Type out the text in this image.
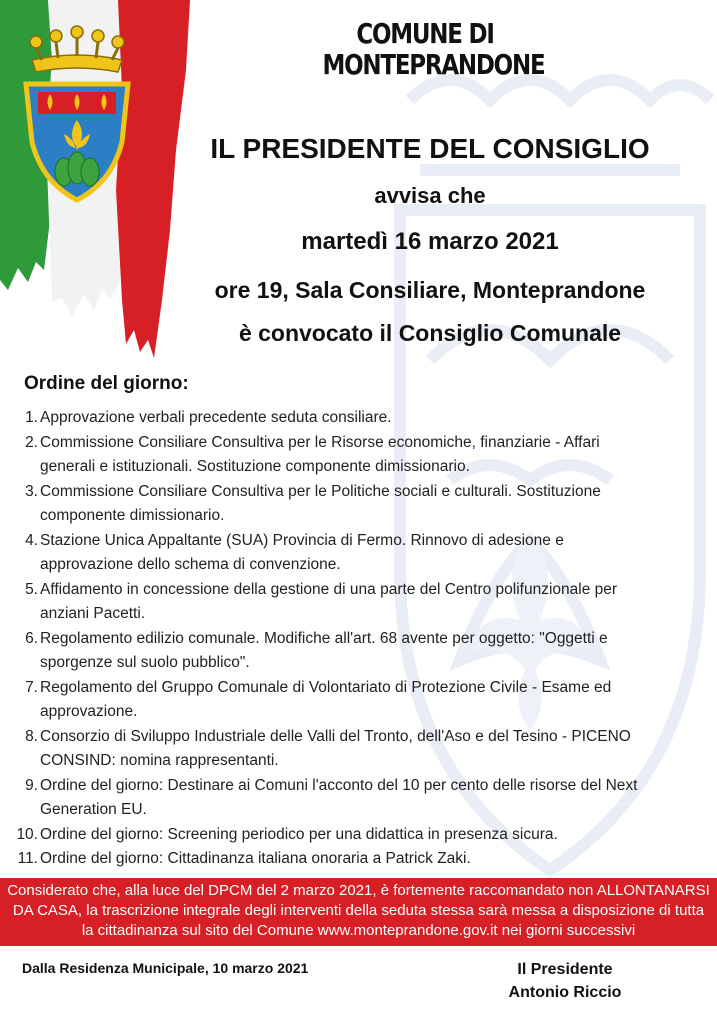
COMUNE DI
MONTEPRANDONE
IL PRESIDENTE DEL CONSIGLIO
avvisa che
martedì 16 marzo 2021
ore 19, Sala Consiliare, Monteprandone
è convocato il Consiglio Comunale
Ordine del giorno:
1. Approvazione verbali precedente seduta consiliare.
2. Commissione Consiliare Consultiva per le Risorse economiche, finanziarie - Affari
generali e istituzionali. Sostituzione componente dimissionario.
3. Commissione Consiliare Consultiva per le Politiche sociali e culturali. Sostituzione
componente dimissionario.
4. Stazione Unica Appaltante (SUA) Provincia di Fermo. Rinnovo di adesione e
approvazione dello schema di convenzione.
5. Affidamento in concessione della gestione di una parte del Centro polifunzionale per
anziani Pacetti.
6. Regolamento edilizio comunale. Modifiche all'art. 68 avente per oggetto: "Oggetti e
sporgenze sul suolo pubblico".
7. Regolamento del Gruppo Comunale di Volontariato di Protezione Civile - Esame ed
approvazione.
8. Consorzio di Sviluppo Industriale delle Valli del Tronto, dell'Aso e del Tesino - PICENO
CONSIND: nomina rappresentanti.
9. Ordine del giorno: Destinare ai Comuni l'acconto del 10 per cento delle risorse del Next
Generation EU.
10. Ordine del giorno: Screening periodico per una didattica in presenza sicura.
11. Ordine del giorno: Cittadinanza italiana onoraria a Patrick Zaki.
Considerato che, alla luce del DPCM del 2 marzo 2021, è fortemente raccomandato non ALLONTANARSI
DA CASA, la trascrizione integrale degli interventi della seduta stessa sarà messa a disposizione di tutta
la cittadinanza sul sito del Comune www.monteprandone.gov.it nei giorni successivi
Dalla Residenza Municipale, 10 marzo 2021	Il Presidente
Antonio Riccio
